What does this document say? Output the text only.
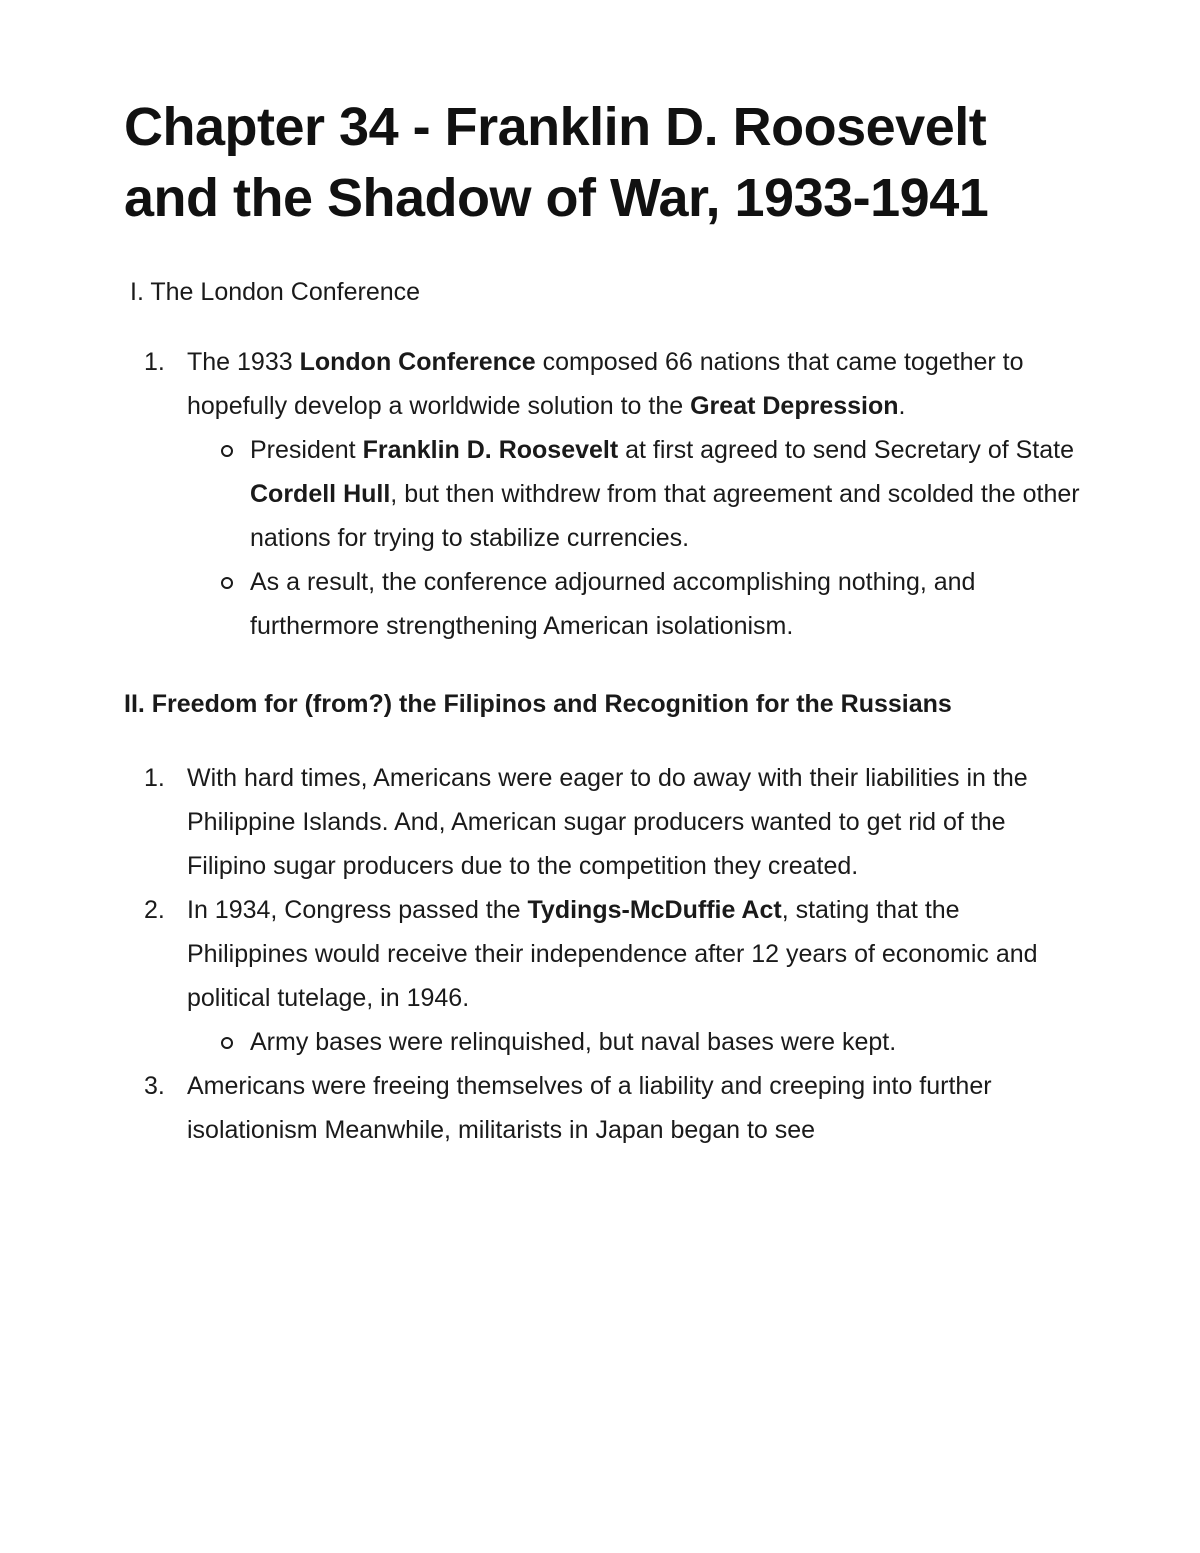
Chapter 34 - Franklin D. Roosevelt and the Shadow of War, 1933-1941
I. The London Conference
1. The 1933 London Conference composed 66 nations that came together to hopefully develop a worldwide solution to the Great Depression.
President Franklin D. Roosevelt at first agreed to send Secretary of State Cordell Hull, but then withdrew from that agreement and scolded the other nations for trying to stabilize currencies.
As a result, the conference adjourned accomplishing nothing, and furthermore strengthening American isolationism.
II. Freedom for (from?) the Filipinos and Recognition for the Russians
1. With hard times, Americans were eager to do away with their liabilities in the Philippine Islands. And, American sugar producers wanted to get rid of the Filipino sugar producers due to the competition they created.
2. In 1934, Congress passed the Tydings-McDuffie Act, stating that the Philippines would receive their independence after 12 years of economic and political tutelage, in 1946.
Army bases were relinquished, but naval bases were kept.
3. Americans were freeing themselves of a liability and creeping into further isolationism Meanwhile, militarists in Japan began to see
